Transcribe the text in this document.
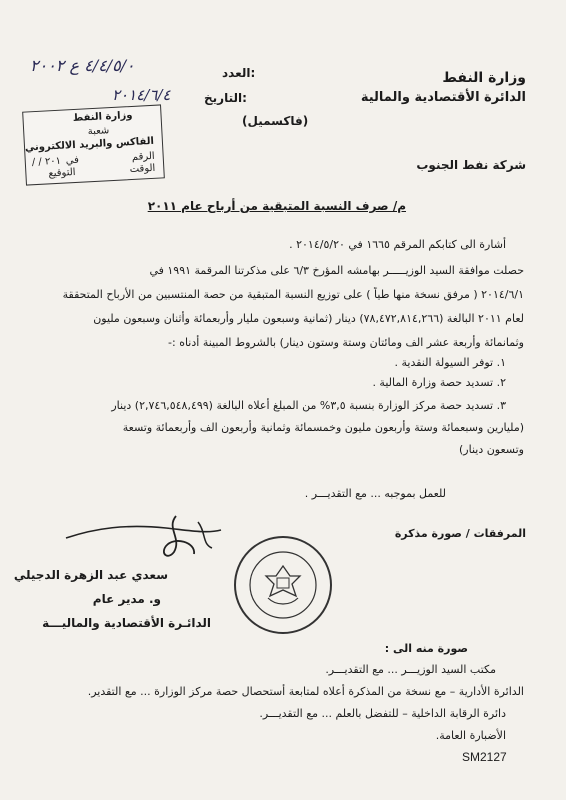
وزارة النفط
الدائرة الأقتصادية والمالية
العدد:
٤/٤/٥/٠ ع ٢٠٠٢
التاريخ:
٢٠١٤/٦/٤
(فاكسميل)
وزارة النفط
شعبة
الفاكس والبريد الالكتروني
الرقم
الوقت
في
/ / ٢٠١
التوقيع
شركة نفط الجنوب
م/ صرف النسبة المتبقية من أرباح عام ٢٠١١
أشارة الى كتابكم المرقم ١٦٦٥ في ٢٠١٤/٥/٢٠ .
حصلت موافقة السيد الوزيـــــر بهامشه المؤرخ ٦/٣ على مذكرتنا المرقمة ١٩٩١ في
٢٠١٤/٦/١ ( مرفق نسخة منها طياً ) على توزيع النسبة المتبقية من حصة المنتسبين من الأرباح المتحققة
لعام ٢٠١١ البالغة (٧٨,٤٧٢,٨١٤,٢٦٦) دينار (ثمانية وسبعون مليار وأربعمائة وأثنان وسبعون مليون
وثمانمائة وأربعة عشر الف ومائتان وستة وستون دينار) بالشروط المبينة أدناه :-
١. توفر السيولة النقدية .
٢. تسديد حصة وزارة المالية .
٣. تسديد حصة مركز الوزارة بنسبة ٣,٥% من المبلغ أعلاه البالغة (٢,٧٤٦,٥٤٨,٤٩٩) دينار
(مليارين وسبعمائة وستة وأربعون مليون وخمسمائة وثمانية وأربعون الف وأربعمائة وتسعة
وتسعون دينار)
للعمل بموجبه ... مع التقديـــر .
المرفقات / صورة مذكرة
سعدي عبد الزهرة الدجيلي
و. مدير عام
الدائـرة الأقتصادية والماليـــة
صورة منه الى :
مكتب السيد الوزيـــر ... مع التقديـــر.
الدائرة الأدارية – مع نسخة من المذكرة أعلاه لمتابعة أستحصال حصة مركز الوزارة ... مع التقدير.
دائرة الرقابة الداخلية – للتفضل بالعلم ... مع التقديـــر.
الأضبارة العامة.
SM2127
